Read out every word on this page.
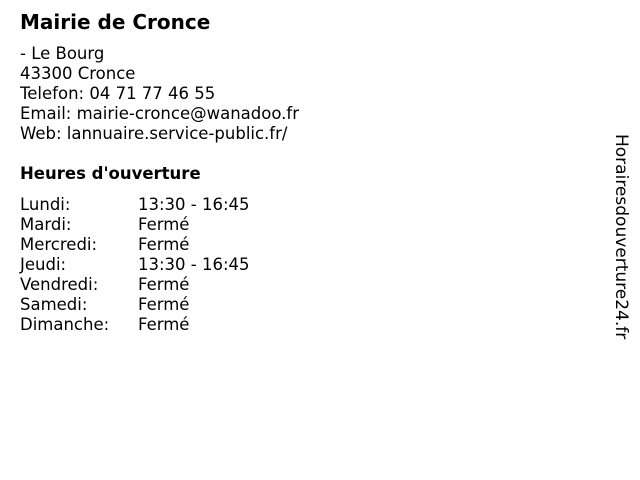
Mairie de Cronce
- Le Bourg
43300 Cronce
Telefon: 04 71 77 46 55
Email: mairie-cronce@wanadoo.fr
Web: lannuaire.service-public.fr/
Heures d'ouverture
Lundi:	13:30 - 16:45
Mardi:	Fermé
Mercredi: Fermé
Jeudi:	13:30 - 16:45
Vendredi: Fermé
Samedi:	Fermé
Dimanche: Fermé	Horairesdouverture24.fr
